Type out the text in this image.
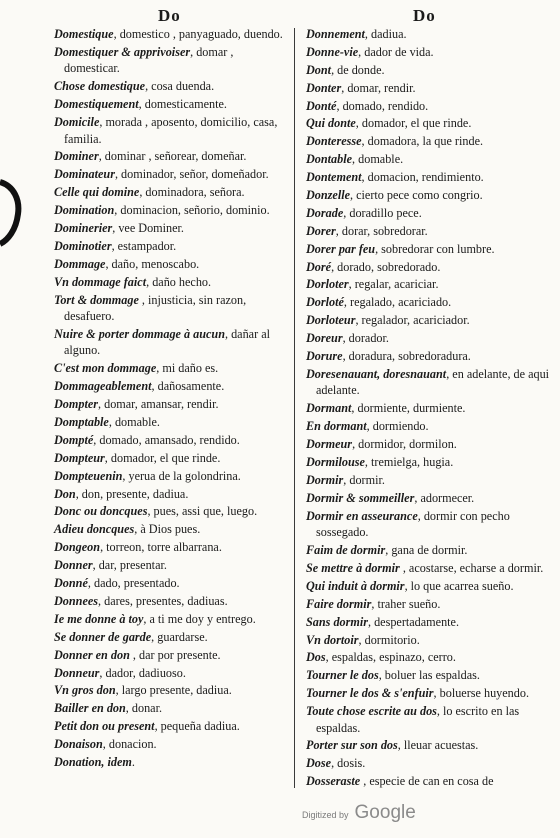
Do	Do

Domestique, domestico , panyaguado, duendo.

Domestiquer & apprivoiser, domar , domesticar.

Chose domestique, cosa duenda.

Domestiquement, domesticamente.

Domicile, morada , aposento, domicilio, casa, familia.

Dominer, dominar , señorear, domeñar.

Dominateur, dominador, señor, domeñador.

Celle qui domine, dominadora, señora.

Domination, dominacion, señorio, dominio.

Dominerier, vee Dominer.

Dominotier, estampador.

Dommage, daño, menoscabo.

Vn dommage faict, daño hecho.

Tort & dommage , injusticia, sin razon, desafuero.

Nuire & porter dommage à aucun, dañar al alguno.

C'est mon dommage, mi daño es.

Dommageablement, dañosamente.

Dompter, domar, amansar, rendir.

Domptable, domable.

Dompté, domado, amansado, rendido.

Dompteur, domador, el que rinde.

Dompteuenin, yerua de la golondrina.

Don, don, presente, dadiua.

Donc ou doncques, pues, assi que, luego.

Adieu doncques, à Dios pues.

Dongeon, torreon, torre albarrana.

Donner, dar, presentar.

Donné, dado, presentado.

Donnees, dares, presentes, dadiuas.

Ie me donne à toy, a ti me doy y entrego.

Se donner de garde, guardarse.

Donner en don , dar por presente.

Donneur, dador, dadiuoso.

Vn gros don, largo presente, dadiua.

Bailler en don, donar.

Petit don ou present, pequeña dadiua.

Donaison, donacion.

Donation, idem.

Donnement, dadiua.

Donne-vie, dador de vida.

Dont, de donde.

Donter, domar, rendir.

Donté, domado, rendido.

Qui donte, domador, el que rinde.

Donteresse, domadora, la que rinde.

Dontable, domable.

Dontement, domacion, rendimiento.

Donzelle, cierto pece como congrio.

Dorade, doradillo pece.

Dorer, dorar, sobredorar.

Dorer par feu, sobredorar con lumbre.

Doré, dorado, sobredorado.

Dorloter, regalar, acariciar.

Dorloté, regalado, acariciado.

Dorloteur, regalador, acariciador.

Doreur, dorador.

Dorure, doradura, sobredoradura.

Doresenauant, doresnauant, en adelante, de aqui adelante.

Dormant, dormiente, durmiente.

En dormant, dormiendo.

Dormeur, dormidor, dormilon.

Dormilouse, tremielga, hugia.

Dormir, dormir.

Dormir & sommeiller, adormecer.

Dormir en asseurance, dormir con pecho sossegado.

Faim de dormir, gana de dormir.

Se mettre à dormir , acostarse, echarse a dormir.

Qui induit à dormir, lo que acarrea sueño.

Faire dormir, traher sueño.

Sans dormir, despertadamente.

Vn dortoir, dormitorio.

Dos, espaldas, espinazo, cerro.

Tourner le dos, boluer las espaldas.

Tourner le dos & s'enfuir, boluerse huyendo.

Toute chose escrite au dos, lo escrito en las espaldas.

Porter sur son dos, lleuar acuestas.

Dose, dosis.

Dosseraste , especie de can en cosa de

Digitized by Google
